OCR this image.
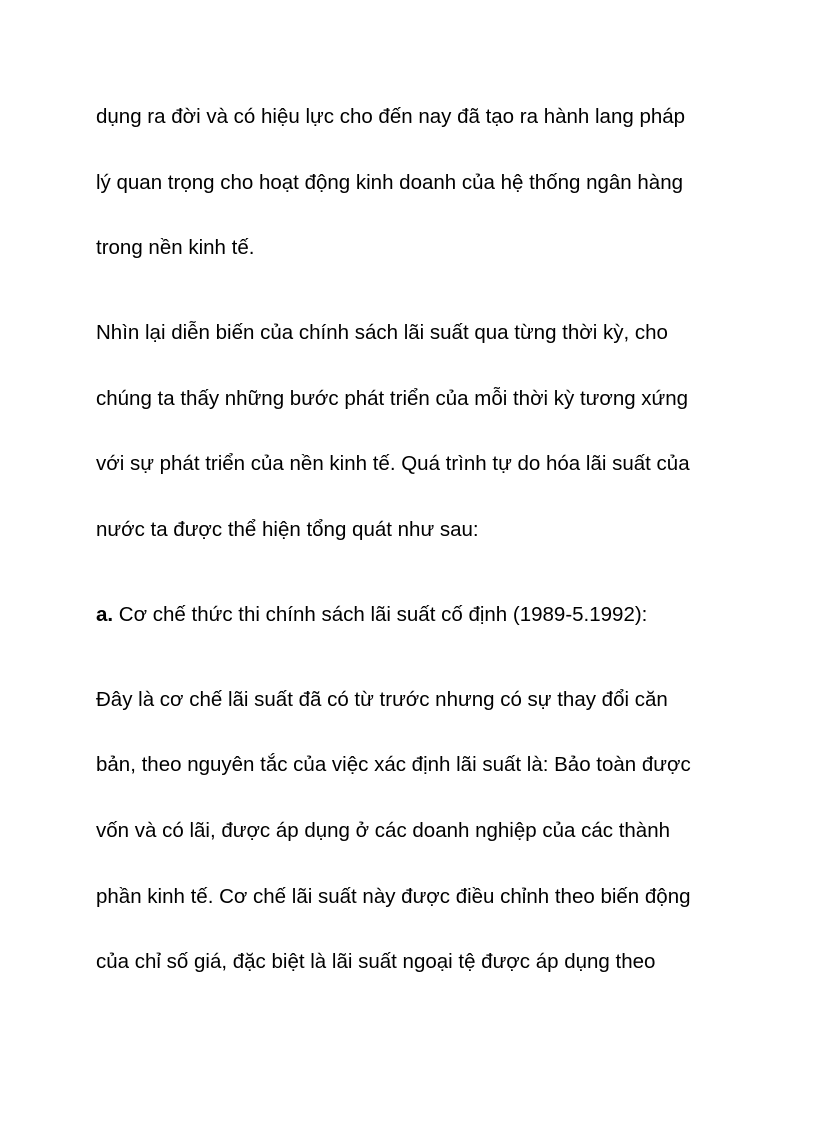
dụng ra đời và có hiệu lực cho đến nay đã tạo ra hành lang pháp
lý quan trọng cho hoạt động kinh doanh của hệ thống ngân hàng
trong nền kinh tế.
Nhìn lại diễn biến của chính sách lãi suất qua từng thời kỳ, cho
chúng ta thấy những bước phát triển của mỗi thời kỳ tương xứng
với sự phát triển của nền kinh tế. Quá trình tự do hóa lãi suất của
nước ta được thể hiện tổng quát như sau:
a. Cơ chế thức thi chính sách lãi suất cố định (1989-5.1992):
Đây là cơ chế lãi suất đã có từ trước nhưng có sự thay đổi căn
bản, theo nguyên tắc của việc xác định lãi suất là: Bảo toàn được
vốn và có lãi, được áp dụng ở các doanh nghiệp của các thành
phần kinh tế. Cơ chế lãi suất này được điều chỉnh theo biến động
của chỉ số giá, đặc biệt là lãi suất ngoại tệ được áp dụng theo
